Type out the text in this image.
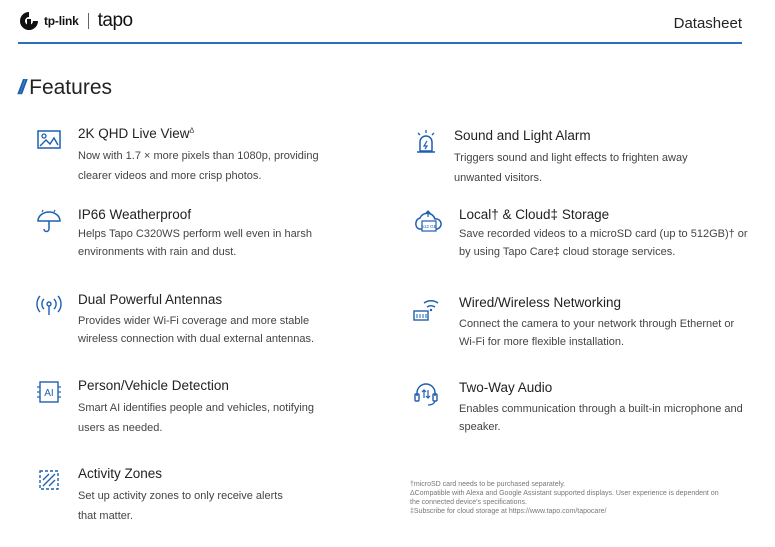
tp-link tapo	Datasheet
// Features
2K QHD Live View$^\Delta$
Now with 1.7 × more pixels than 1080p, providing clearer videos and more crisp photos.
Sound and Light Alarm
Triggers sound and light effects to frighten away unwanted visitors.
IP66 Weatherproof
Helps Tapo C320WS perform well even in harsh environments with rain and dust.
512 GB
Local† & Cloud‡ Storage
Save recorded videos to a microSD card (up to 512GB)† or by using Tapo Care‡ cloud storage services.
Dual Powerful Antennas
Provides wider Wi-Fi coverage and more stable wireless connection with dual external antennas.
Wired/Wireless Networking
Connect the camera to your network through Ethernet or Wi-Fi for more flexible installation.
AI
Person/Vehicle Detection
Smart AI identifies people and vehicles, notifying users as needed.
Two-Way Audio
Enables communication through a built-in microphone and speaker.
Activity Zones
Set up activity zones to only receive alerts that matter.
†microSD card needs to be purchased separately.
ΔCompatible with Alexa and Google Assistant supported displays. User experience is dependent on the connected device's specifications.
‡Subscribe for cloud storage at https://www.tapo.com/tapocare/
